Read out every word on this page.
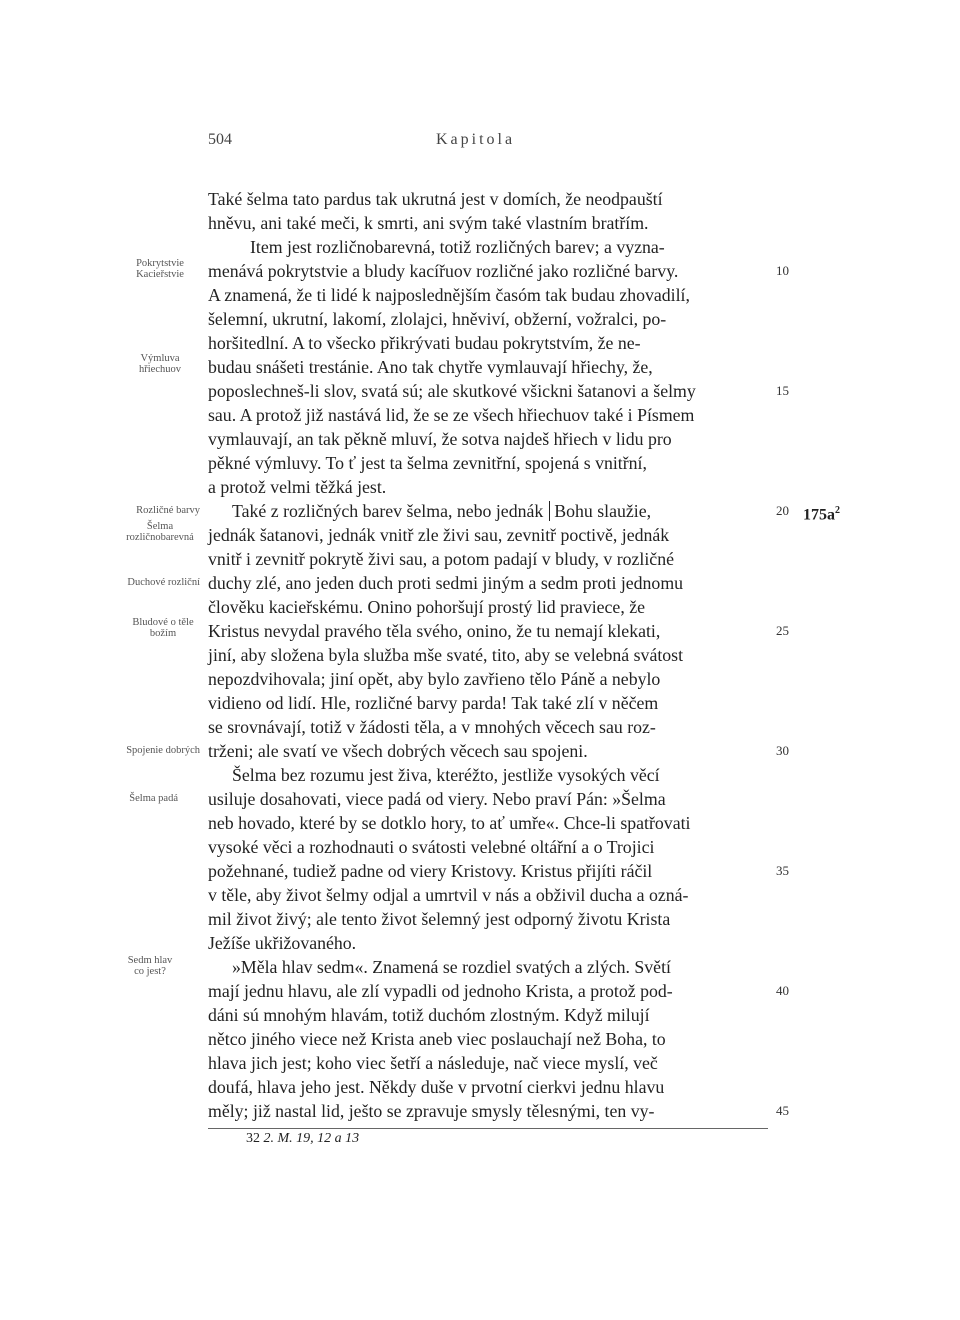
504	Kapitola
Také šelma tato pardus tak ukrutná jest v domích, že neodpauští
hněvu, ani také meči, k smrti, ani svým také vlastním bratřím.
Item jest rozličnobarevná, totiž rozličných barev; a vyzna-
menává pokrytstvie a bludy kacířuov rozličné jako rozličné barvy.
A znamená, že ti lidé k najposlednějším časóm tak budau zhovadilí,
šelemní, ukrutní, lakomí, zlolajci, hněviví, obžerní, vožralci, po-
horšitedlní. A to všecko přikrývati budau pokrytstvím, že ne-
budau snášeti trestánie. Ano tak chytře vymlauvají hřiechy, že,
poposlechneš-li slov, svatá sú; ale skutkové všickni šatanovi a šelmy
sau. A protož již nastává lid, že se ze všech hřiechuov také i Písmem
vymlauvají, an tak pěkně mluví, že sotva najdeš hřiech v lidu pro
pěkné výmluvy. To ť jest ta šelma zevnitřní, spojená s vnitřní,
a protož velmi těžká jest.
Také z rozličných barev šelma, nebo jednák Bohu slaužie,
jednák šatanovi, jednák vnitř zle živi sau, zevnitř poctivě, jednák
vnitř i zevnitř pokrytě živi sau, a potom padají v bludy, v rozličné
duchy zlé, ano jeden duch proti sedmi jiným a sedm proti jednomu
člověku kacieřskému. Onino pohoršují prostý lid praviece, že
Kristus nevydal pravého těla svého, onino, že tu nemají klekati,
jiní, aby složena byla služba mše svaté, tito, aby se velebná svátost
nepozdvihovala; jiní opět, aby bylo zavřieno tělo Páně a nebylo
vidieno od lidí. Hle, rozličné barvy parda! Tak také zlí v něčem
se srovnávají, totiž v žádosti těla, a v mnohých věcech sau roz-
trženi; ale svatí ve všech dobrých věcech sau spojeni.
Šelma bez rozumu jest živa, kteréžto, jestliže vysokých věcí
usiluje dosahovati, viece padá od viery. Nebo praví Pán: »Šelma
neb hovado, které by se dotklo hory, to ať umře«. Chce-li spatřovati
vysoké věci a rozhodnauti o svátosti velebné oltářní a o Trojici
požehnané, tudiež padne od viery Kristovy. Kristus přijíti ráčil
v těle, aby život šelmy odjal a umrtvil v nás a obživil ducha a ozná-
mil život živý; ale tento život šelemný jest odporný životu Krista
Ježíše ukřižovaného.
»Měla hlav sedm«. Znamená se rozdiel svatých a zlých. Světí
mají jednu hlavu, ale zlí vypadli od jednoho Krista, a protož pod-
dáni sú mnohým hlavám, totiž duchóm zlostným. Když milují
nětco jiného viece než Krista aneb viec poslauchají než Boha, to
hlava jich jest; koho viec šetří a následuje, nač viece myslí, več
doufá, hlava jeho jest. Někdy duše v prvotní cierkvi jednu hlavu
měly; již nastal lid, ješto se zpravuje smysly tělesnými, ten vy-
10
15
20
25
30
35
40
45
$175a^2$
Pokrytstvie Kacieřstvie
Výmluva hřiechuov
Rozličné barvy
Šelma rozličnobarevná
Duchové rozliční
Bludové o těle božím
Spojenie dobrých
Šelma padá
Sedm hlav co jest?
32 2. M. 19, 12 a 13
